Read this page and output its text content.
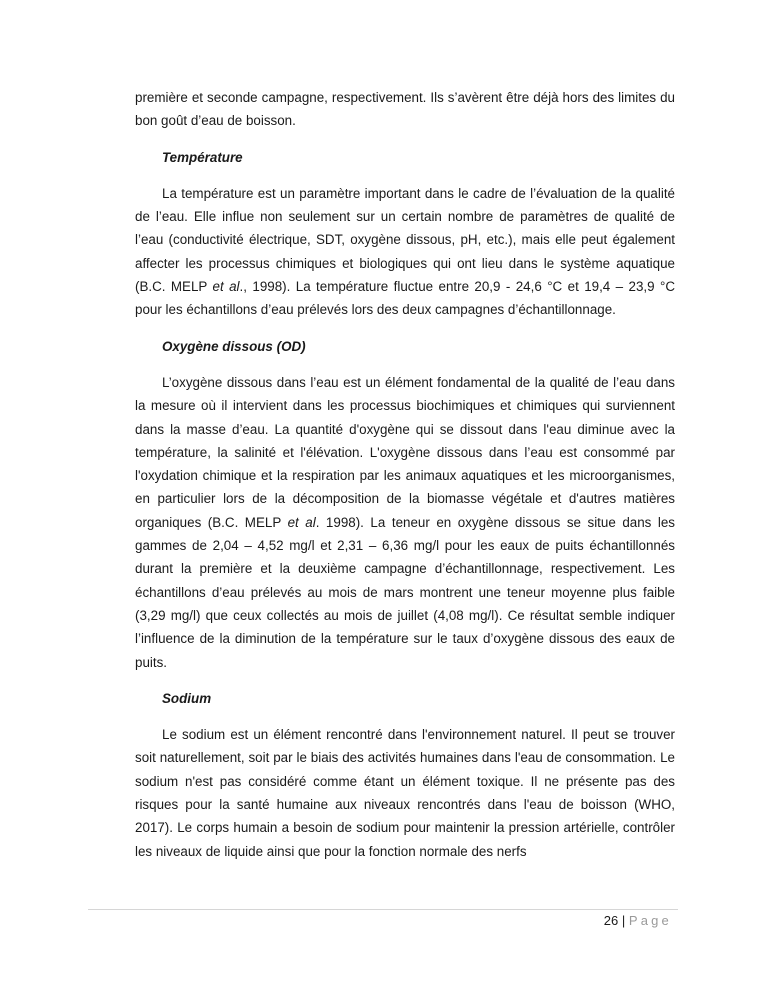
première et seconde campagne, respectivement. Ils s’avèrent être déjà hors des limites du bon goût d’eau de boisson.

Température

La température est un paramètre important dans le cadre de l’évaluation de la qualité de l’eau. Elle influe non seulement sur un certain nombre de paramètres de qualité de l’eau (conductivité électrique, SDT, oxygène dissous, pH, etc.), mais elle peut également affecter les processus chimiques et biologiques qui ont lieu dans le système aquatique (B.C. MELP et al., 1998). La température fluctue entre 20,9 - 24,6 °C et 19,4 – 23,9 °C pour les échantillons d’eau prélevés lors des deux campagnes d’échantillonnage.

Oxygène dissous (OD)

L’oxygène dissous dans l’eau est un élément fondamental de la qualité de l’eau dans la mesure où il intervient dans les processus biochimiques et chimiques qui surviennent dans la masse d’eau. La quantité d'oxygène qui se dissout dans l'eau diminue avec la température, la salinité et l'élévation. L'oxygène dissous dans l’eau est consommé par l'oxydation chimique et la respiration par les animaux aquatiques et les microorganismes, en particulier lors de la décomposition de la biomasse végétale et d'autres matières organiques (B.C. MELP et al. 1998). La teneur en oxygène dissous se situe dans les gammes de 2,04 – 4,52 mg/l et 2,31 – 6,36 mg/l pour les eaux de puits échantillonnés durant la première et la deuxième campagne d’échantillonnage, respectivement. Les échantillons d’eau prélevés au mois de mars montrent une teneur moyenne plus faible (3,29 mg/l) que ceux collectés au mois de juillet (4,08 mg/l). Ce résultat semble indiquer l’influence de la diminution de la température sur le taux d’oxygène dissous des eaux de puits.

Sodium

Le sodium est un élément rencontré dans l'environnement naturel. Il peut se trouver soit naturellement, soit par le biais des activités humaines dans l'eau de consommation. Le sodium n'est pas considéré comme étant un élément toxique. Il ne présente pas des risques pour la santé humaine aux niveaux rencontrés dans l'eau de boisson (WHO, 2017). Le corps humain a besoin de sodium pour maintenir la pression artérielle, contrôler les niveaux de liquide ainsi que pour la fonction normale des nerfs

26 | Page
